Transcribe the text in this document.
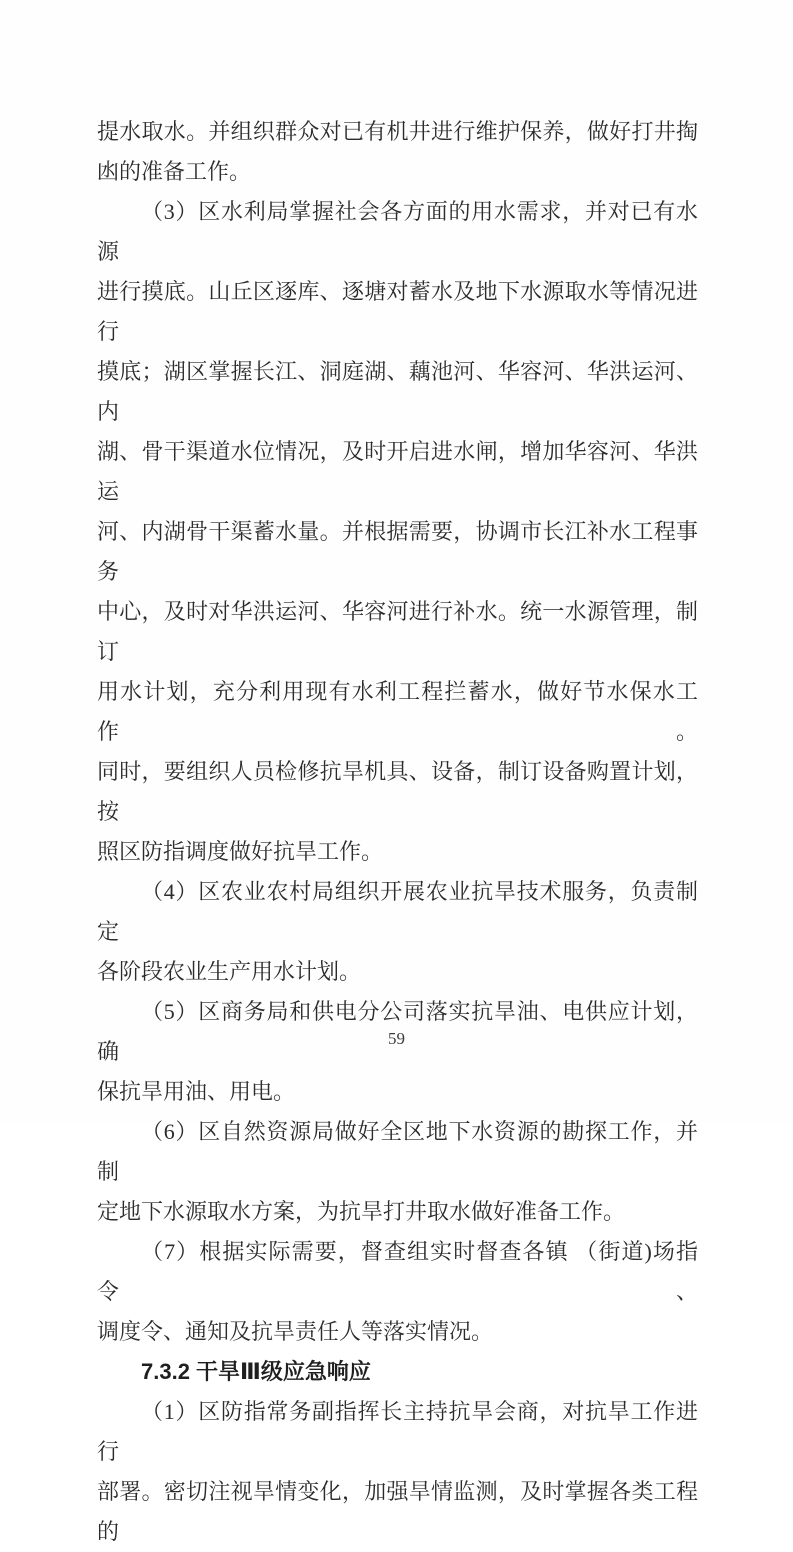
提水取水。并组织群众对已有机井进行维护保养，做好打井掏
凼的准备工作。
（3）区水利局掌握社会各方面的用水需求，并对已有水源
进行摸底。山丘区逐库、逐塘对蓄水及地下水源取水等情况进行
摸底；湖区掌握长江、洞庭湖、藕池河、华容河、华洪运河、内
湖、骨干渠道水位情况，及时开启进水闸，增加华容河、华洪运
河、内湖骨干渠蓄水量。并根据需要，协调市长江补水工程事务
中心，及时对华洪运河、华容河进行补水。统一水源管理，制订
用水计划，充分利用现有水利工程拦蓄水，做好节水保水工作。
同时，要组织人员检修抗旱机具、设备，制订设备购置计划，按
照区防指调度做好抗旱工作。
（4）区农业农村局组织开展农业抗旱技术服务，负责制定
各阶段农业生产用水计划。
（5）区商务局和供电分公司落实抗旱油、电供应计划，确
保抗旱用油、用电。
（6）区自然资源局做好全区地下水资源的勘探工作，并制
定地下水源取水方案，为抗旱打井取水做好准备工作。
（7）根据实际需要，督查组实时督查各镇 （街道)场指令、
调度令、通知及抗旱责任人等落实情况。
7.3.2 干旱Ⅲ级应急响应
（1）区防指常务副指挥长主持抗旱会商，对抗旱工作进行
部署。密切注视旱情变化，加强旱情监测，及时掌握各类工程的
59
